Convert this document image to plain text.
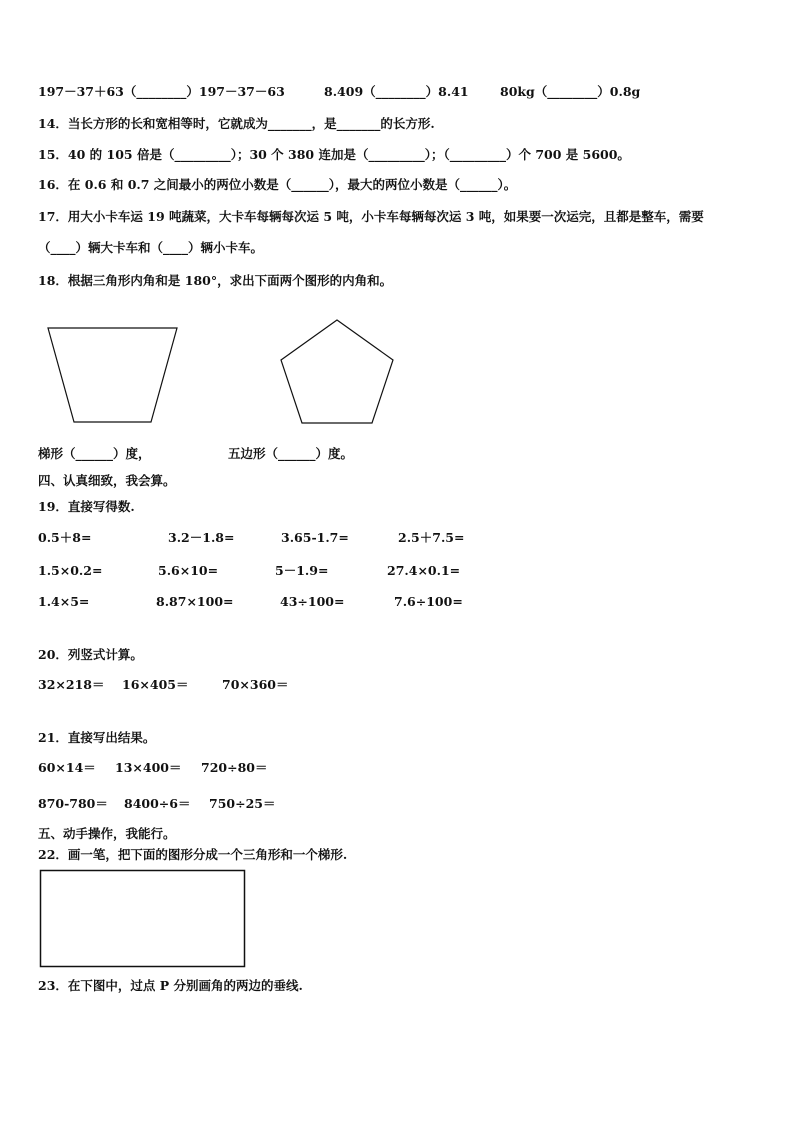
197－37＋63（________）197－37－63	8.409（________）8.41	80kg（________）0.8g
14．当长方形的长和宽相等时，它就成为_______，是_______的长方形.
15．40 的 105 倍是（_________）；30 个 380 连加是（_________）；（_________）个 700 是 5600。
16．在 0.6 和 0.7 之间最小的两位小数是（______），最大的两位小数是（______）。
17．用大小卡车运 19 吨蔬菜，大卡车每辆每次运 5 吨，小卡车每辆每次运 3 吨，如果要一次运完，且都是整车，需要
（____）辆大卡车和（____）辆小卡车。
18．根据三角形内角和是 180°，求出下面两个图形的内角和。
梯形（______）度，	五边形（______）度。
四、认真细致，我会算。
19．直接写得数.
0.5＋8=	3.2－1.8=	3.65-1.7=	2.5＋7.5=
1.5×0.2=	5.6×10=	5－1.9=	27.4×0.1=
1.4×5=	8.87×100=	43÷100=	7.6÷100=
20．列竖式计算。
32×218＝ 16×405＝	70×360＝
21．直接写出结果。
60×14＝ 13×400＝ 720÷80＝
870-780＝ 8400÷6＝ 750÷25＝
五、动手操作，我能行。
22．画一笔，把下面的图形分成一个三角形和一个梯形.
23．在下图中，过点 P 分别画角的两边的垂线.
